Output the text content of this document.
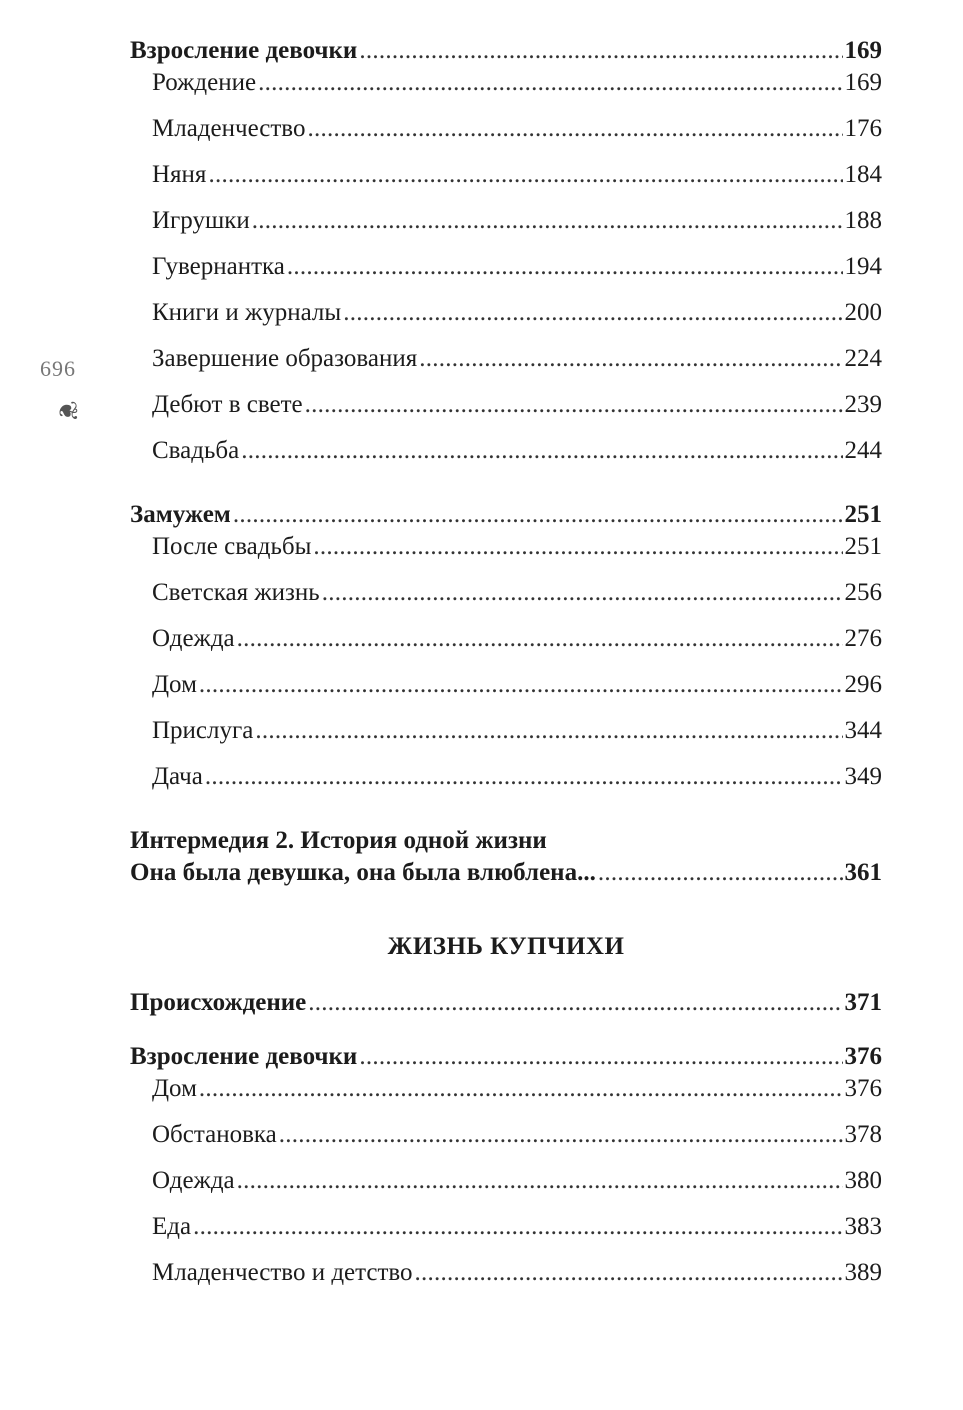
696
❦
Взросление девочки . . .	169
Рождение . . .	169
Младенчество . . .	176
Няня . . .	184
Игрушки . . .	188
Гувернантка . . .	194
Книги и журналы . . .	200
Завершение образования . . .	224
Дебют в свете . . .	239
Свадьба . . .	244
Замужем . . .	251
После свадьбы . . .	251
Светская жизнь . . .	256
Одежда . . .	276
Дом . . .	296
Прислуга . . .	344
Дача . . .	349
Интермедия 2. История одной жизни
Она была девушка, она была влюблена... . . .	361
ЖИЗНЬ КУПЧИХИ
Происхождение . . .	371
Взросление девочки . . .	376
Дом . . .	376
Обстановка . . .	378
Одежда . . .	380
Еда . . .	383
Младенчество и детство . . .	389
